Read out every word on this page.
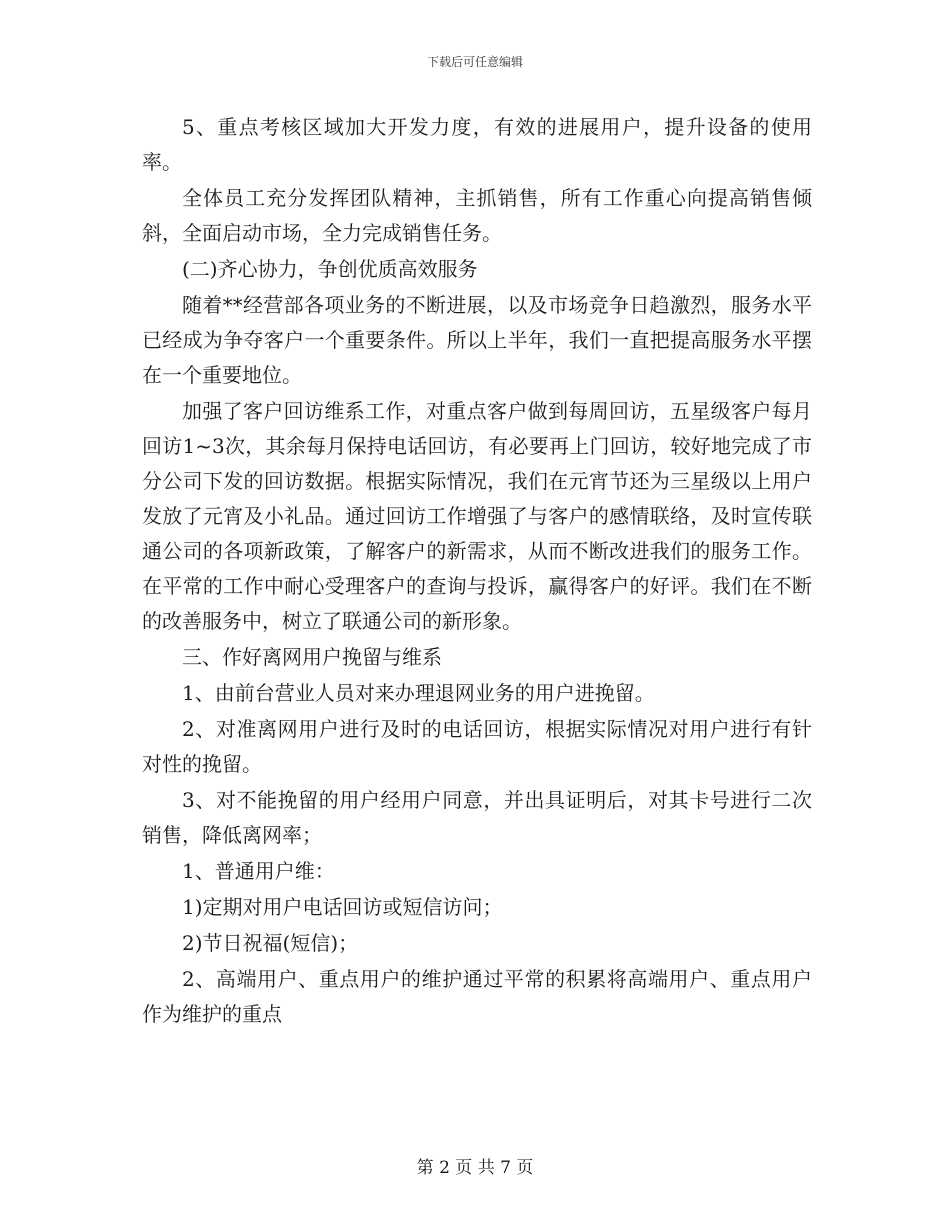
下载后可任意编辑

5、重点考核区域加大开发力度，有效的进展用户，提升设备的使用率。

全体员工充分发挥团队精神，主抓销售，所有工作重心向提高销售倾斜，全面启动市场，全力完成销售任务。

(二)齐心协力，争创优质高效服务

随着**经营部各项业务的不断进展，以及市场竞争日趋激烈，服务水平已经成为争夺客户一个重要条件。所以上半年，我们一直把提高服务水平摆在一个重要地位。

加强了客户回访维系工作，对重点客户做到每周回访，五星级客户每月回访1~3次，其余每月保持电话回访，有必要再上门回访，较好地完成了市分公司下发的回访数据。根据实际情况，我们在元宵节还为三星级以上用户发放了元宵及小礼品。通过回访工作增强了与客户的感情联络，及时宣传联通公司的各项新政策，了解客户的新需求，从而不断改进我们的服务工作。在平常的工作中耐心受理客户的查询与投诉，赢得客户的好评。我们在不断的改善服务中，树立了联通公司的新形象。

三、作好离网用户挽留与维系

1、由前台营业人员对来办理退网业务的用户进挽留。

2、对准离网用户进行及时的电话回访，根据实际情况对用户进行有针对性的挽留。

3、对不能挽留的用户经用户同意，并出具证明后，对其卡号进行二次销售，降低离网率；

1、普通用户维：

1)定期对用户电话回访或短信访问；

2)节日祝福(短信)；

2、高端用户、重点用户的维护通过平常的积累将高端用户、重点用户作为维护的重点

第 2 页 共 7 页
